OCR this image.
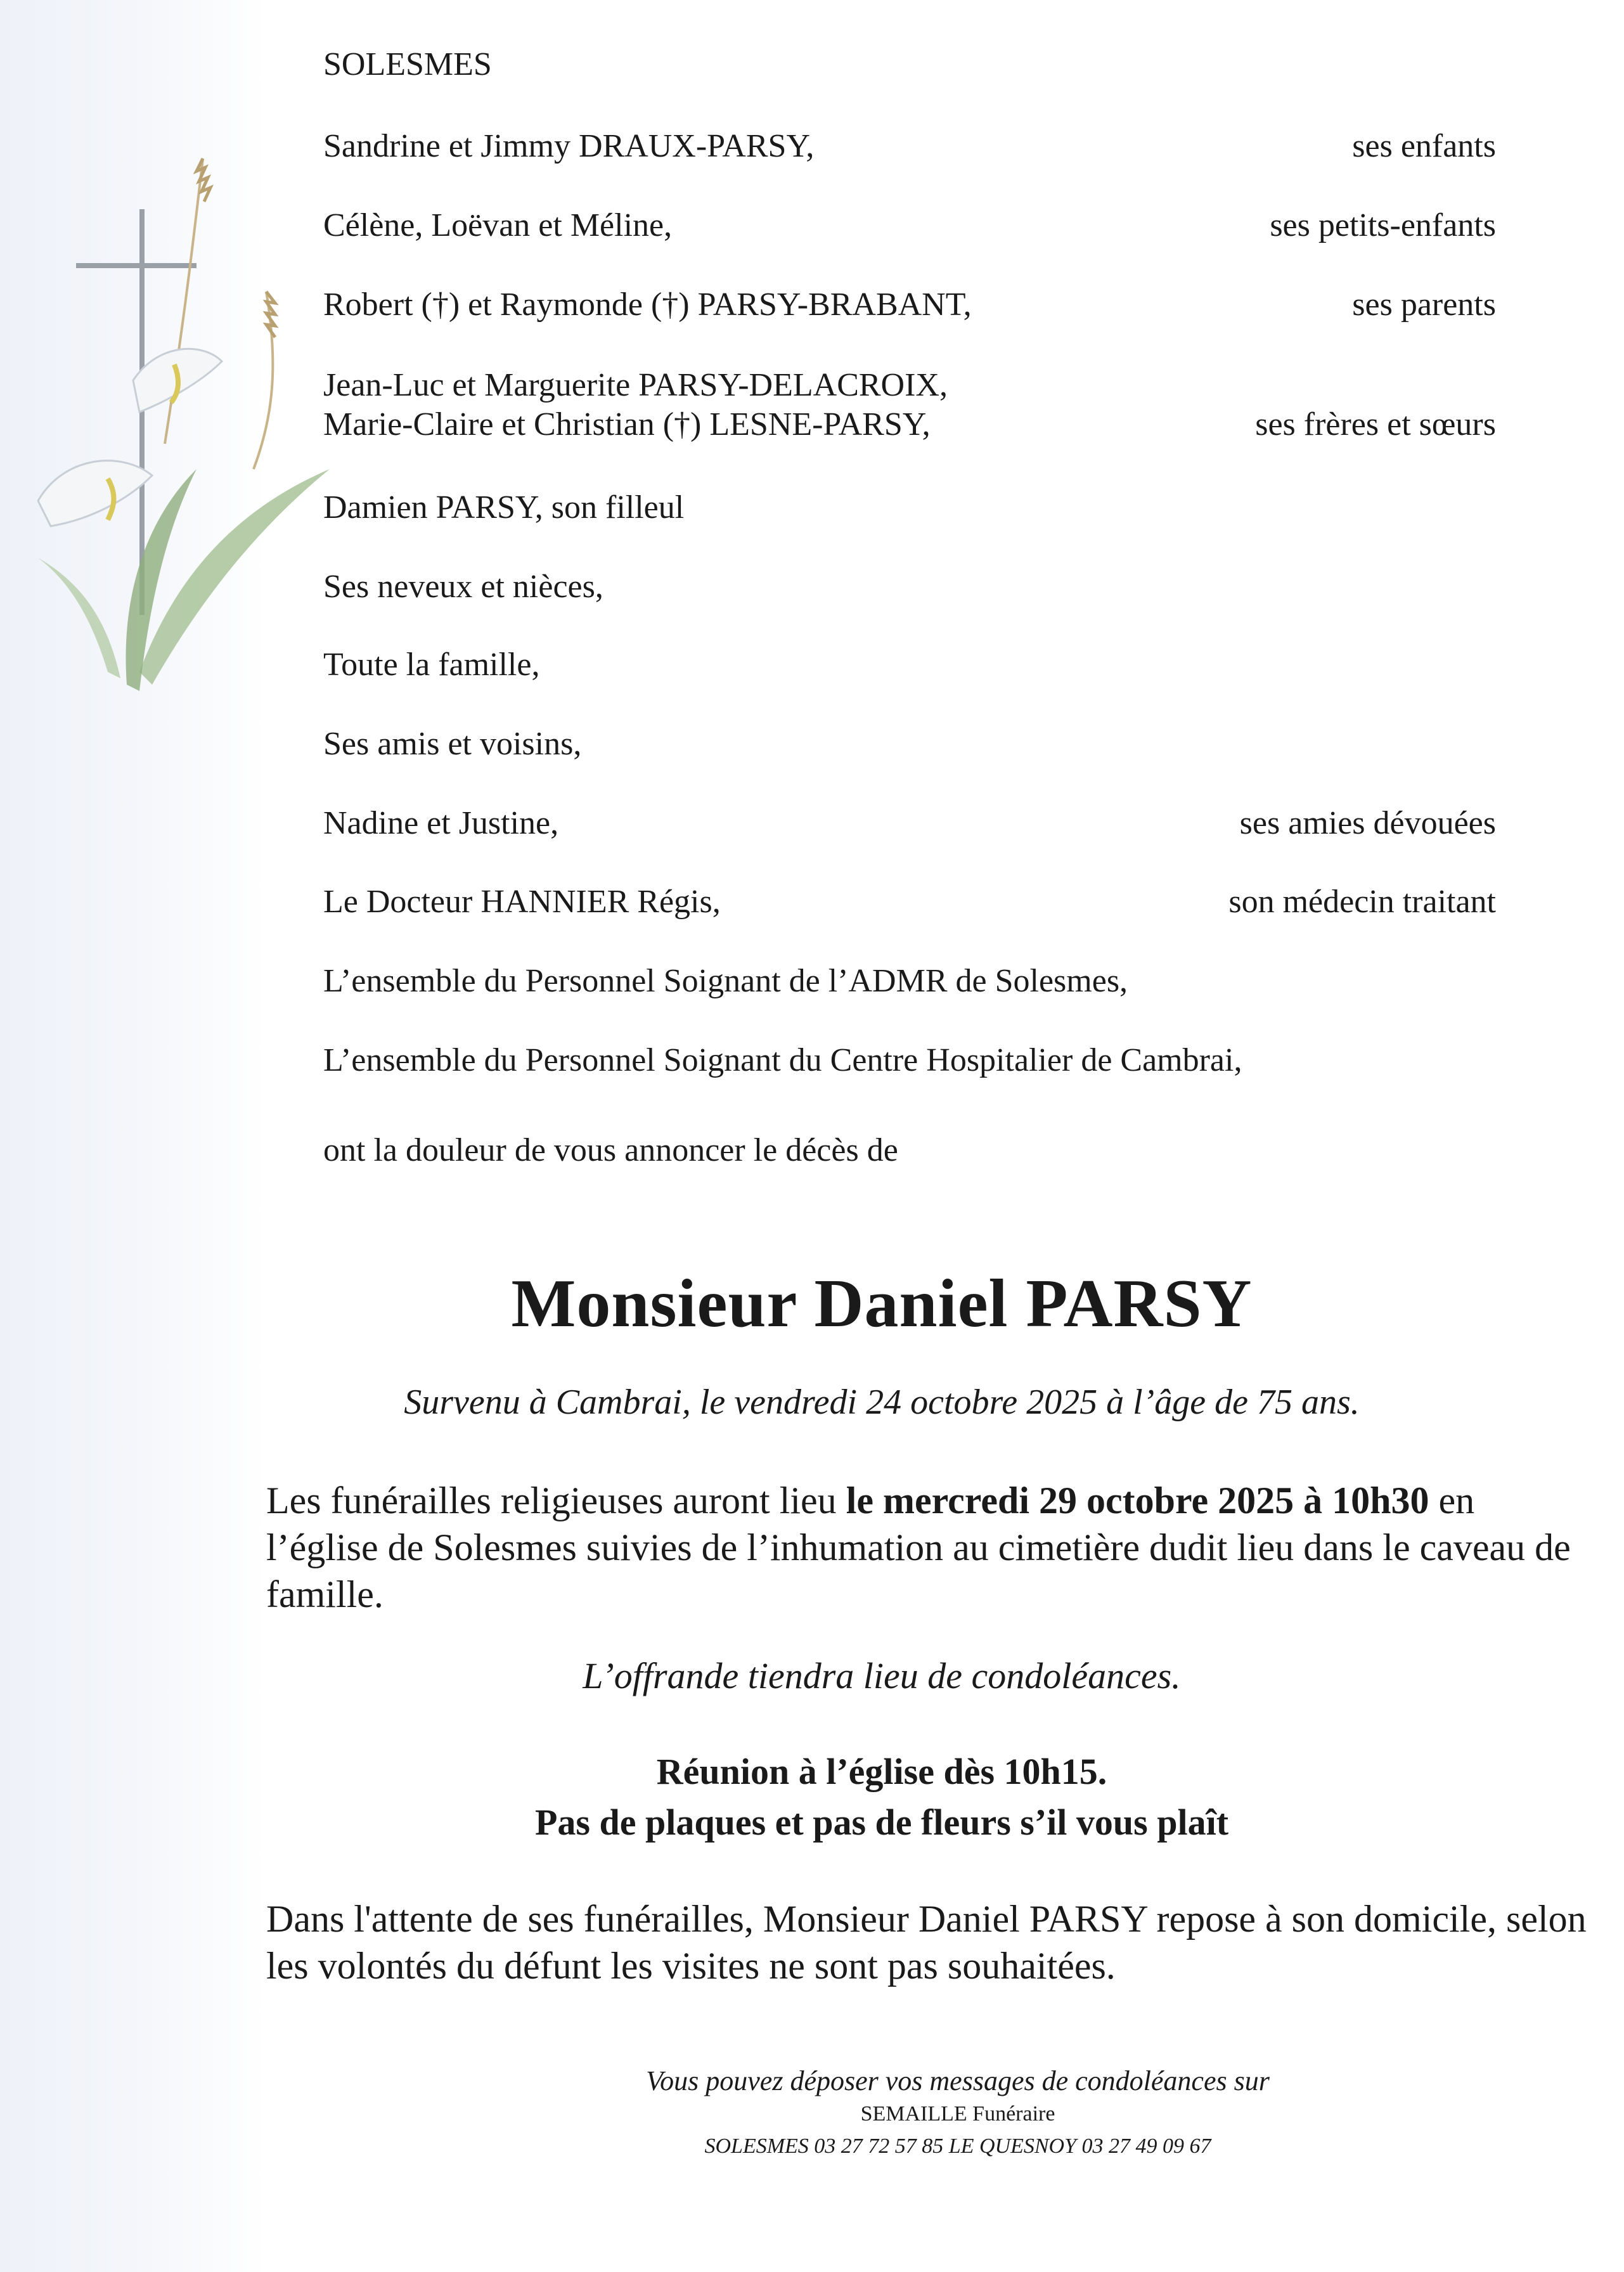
SOLESMES
Sandrine et Jimmy DRAUX-PARSY,	ses enfants
Célène, Loëvan et Méline,	ses petits-enfants
Robert (†) et Raymonde (†) PARSY-BRABANT,	ses parents
Jean-Luc et Marguerite PARSY-DELACROIX,
Marie-Claire et Christian (†) LESNE-PARSY,	ses frères et sœurs
Damien PARSY, son filleul
Ses neveux et nièces,
Toute la famille,
Ses amis et voisins,
Nadine et Justine,	ses amies dévouées
Le Docteur HANNIER Régis,	son médecin traitant
L’ensemble du Personnel Soignant de l’ADMR de Solesmes,
L’ensemble du Personnel Soignant du Centre Hospitalier de Cambrai,
ont la douleur de vous annoncer le décès de
Monsieur Daniel PARSY
Survenu à Cambrai, le vendredi 24 octobre 2025 à l’âge de 75 ans.
Les funérailles religieuses auront lieu le mercredi 29 octobre 2025 à 10h30 en l’église de Solesmes suivies de l’inhumation au cimetière dudit lieu dans le caveau de famille.
L’offrande tiendra lieu de condoléances.
Réunion à l’église dès 10h15.
Pas de plaques et pas de fleurs s’il vous plaît
Dans l'attente de ses funérailles, Monsieur Daniel PARSY repose à son domicile, selon les volontés du défunt les visites ne sont pas souhaitées.
Vous pouvez déposer vos messages de condoléances sur
SEMAILLE Funéraire
SOLESMES 03 27 72 57 85 LE QUESNOY 03 27 49 09 67
